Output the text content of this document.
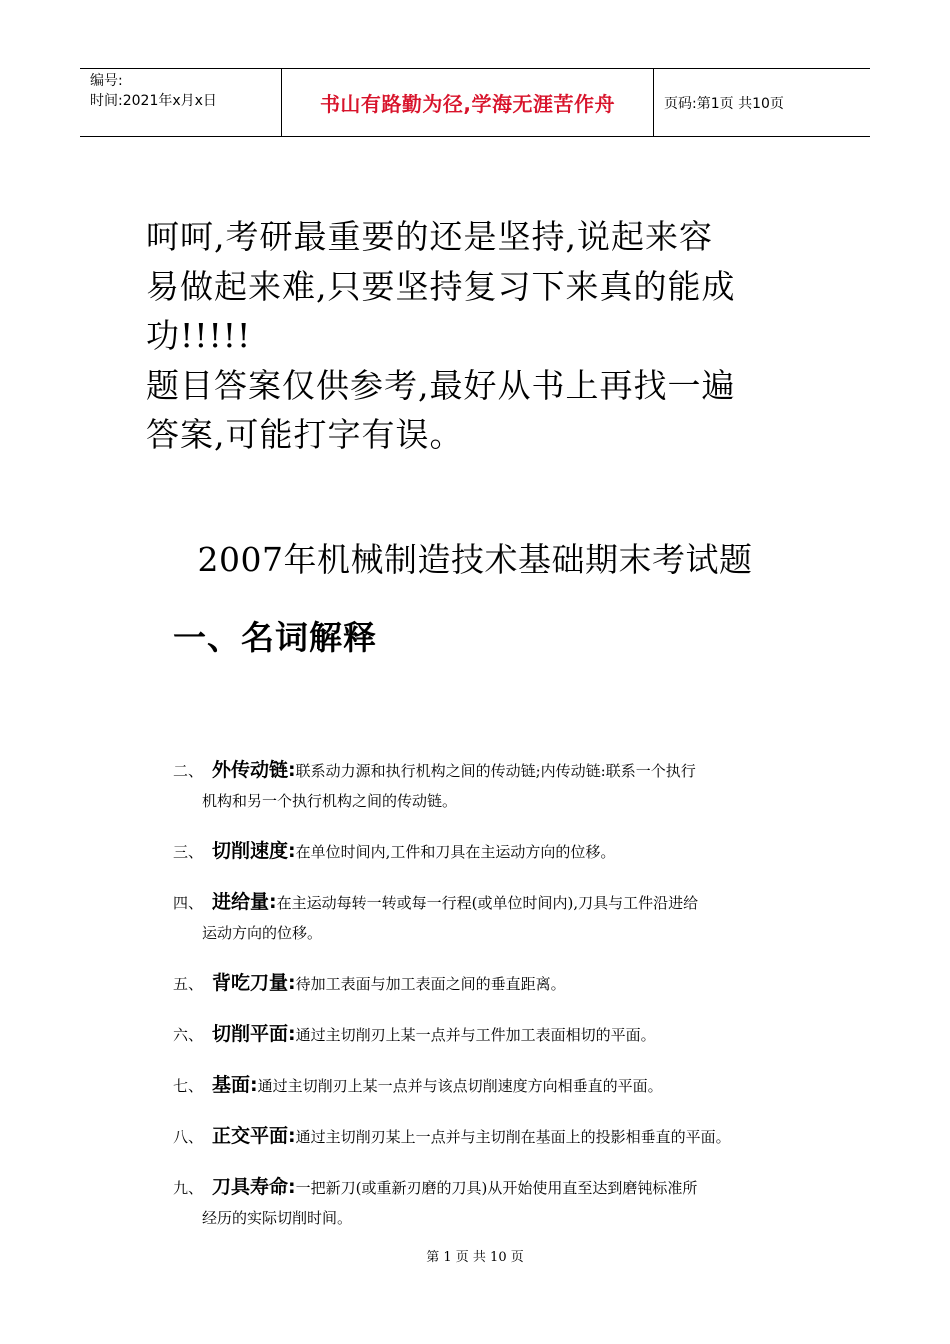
编号:
时间:2021年x月x日	书山有路勤为径,学海无涯苦作舟	页码:第1页 共10页

呵呵,考研最重要的还是坚持,说起来容

易做起来难,只要坚持复习下来真的能成

功!!!!!

题目答案仅供参考,最好从书上再找一遍

答案,可能打字有误。

2007年机械制造技术基础期末考试题
一、名词解释
二、 外传动链:联系动力源和执行机构之间的传动链;内传动链:联系一个执行
机构和另一个执行机构之间的传动链。
三、 切削速度:在单位时间内,工件和刀具在主运动方向的位移。
四、 进给量:在主运动每转一转或每一行程(或单位时间内),刀具与工件沿进给
运动方向的位移。
五、 背吃刀量:待加工表面与加工表面之间的垂直距离。
六、 切削平面:通过主切削刃上某一点并与工件加工表面相切的平面。
七、 基面:通过主切削刃上某一点并与该点切削速度方向相垂直的平面。
八、 正交平面:通过主切削刃某上一点并与主切削在基面上的投影相垂直的平面。
九、 刀具寿命:一把新刀(或重新刃磨的刀具)从开始使用直至达到磨钝标准所
经历的实际切削时间。
第 1 页 共 10 页
